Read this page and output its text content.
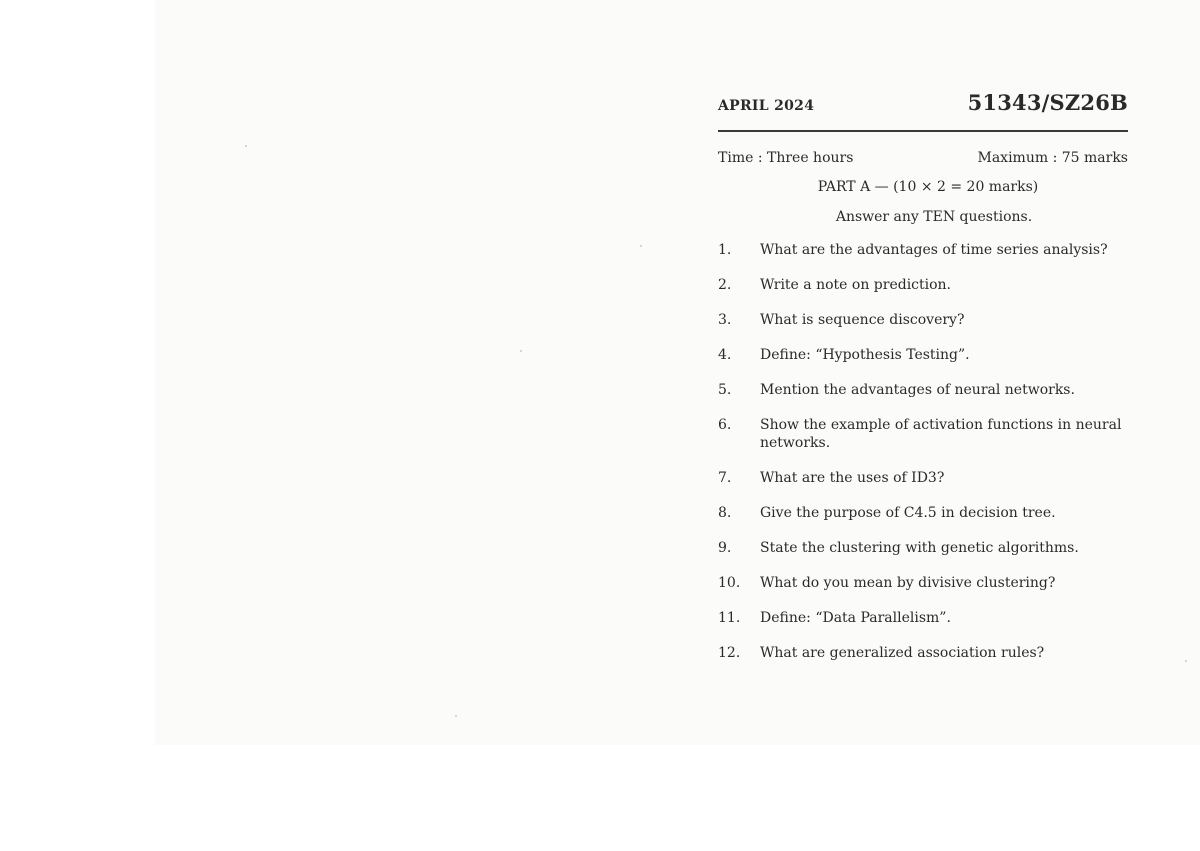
APRIL 2024	51343/SZ26B
Time : Three hours	Maximum : 75 marks
PART A — (10 × 2 = 20 marks)
Answer any TEN questions.
1.	What are the advantages of time series analysis?
2.	Write a note on prediction.
3.	What is sequence discovery?
4.	Define: “Hypothesis Testing”.
5.	Mention the advantages of neural networks.
6.	Show the example of activation functions in neural networks.
7.	What are the uses of ID3?
8.	Give the purpose of C4.5 in decision tree.
9.	State the clustering with genetic algorithms.
10.	What do you mean by divisive clustering?
11.	Define: “Data Parallelism”.
12.	What are generalized association rules?
